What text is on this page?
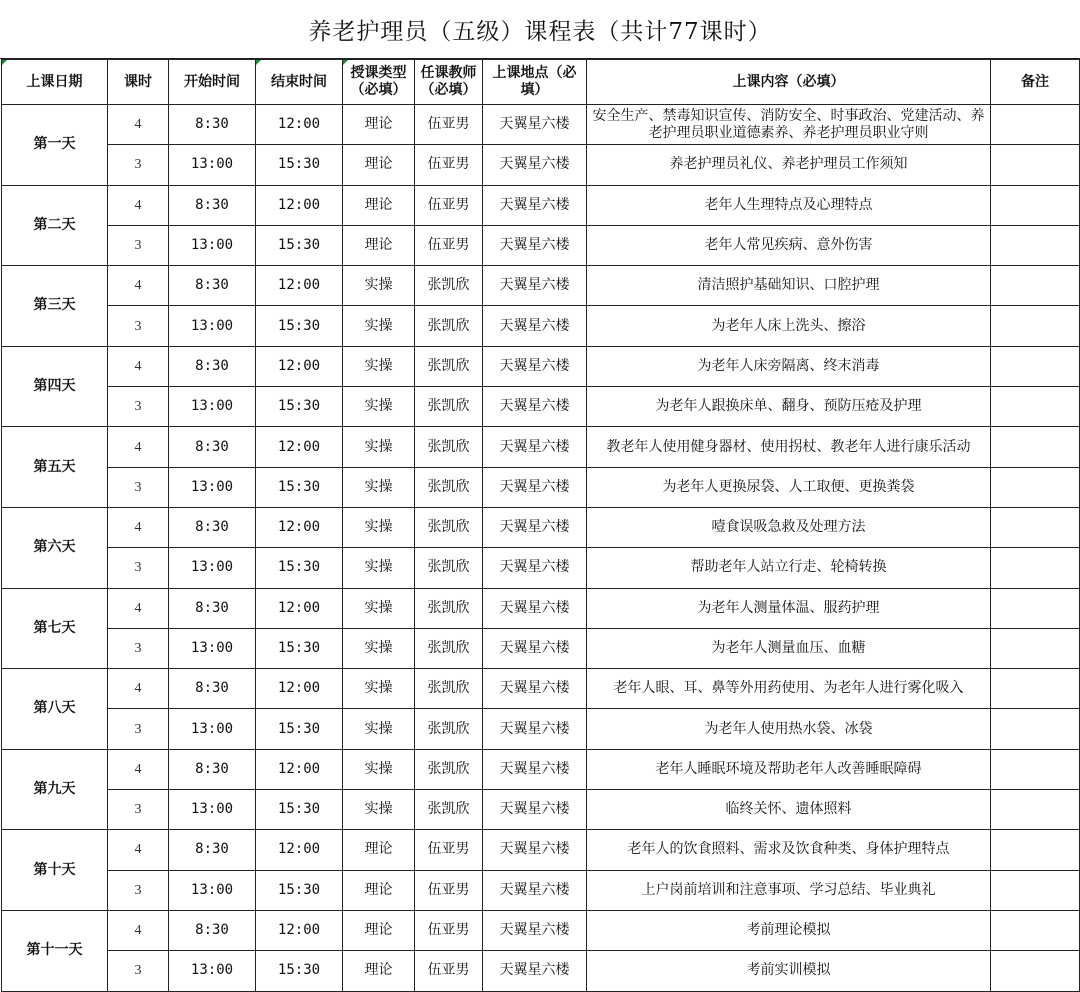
养老护理员（五级）课程表（共计77课时）
上课日期	课时	开始时间	结束时间	授课类型（必填）	任课教师（必填）	上课地点（必填）	上课内容（必填）	备注
第一天	4	8:30	12:00	理论	伍亚男	天翼星六楼	安全生产、禁毒知识宣传、消防安全、时事政治、党建活动、养老护理员职业道德素养、养老护理员职业守则	
	3	13:00	15:30	理论	伍亚男	天翼星六楼	养老护理员礼仪、养老护理员工作须知	
第二天	4	8:30	12:00	理论	伍亚男	天翼星六楼	老年人生理特点及心理特点	
	3	13:00	15:30	理论	伍亚男	天翼星六楼	老年人常见疾病、意外伤害	
第三天	4	8:30	12:00	实操	张凯欣	天翼星六楼	清洁照护基础知识、口腔护理	
	3	13:00	15:30	实操	张凯欣	天翼星六楼	为老年人床上洗头、擦浴	
第四天	4	8:30	12:00	实操	张凯欣	天翼星六楼	为老年人床旁隔离、终末消毒	
	3	13:00	15:30	实操	张凯欣	天翼星六楼	为老年人跟换床单、翻身、预防压疮及护理	
第五天	4	8:30	12:00	实操	张凯欣	天翼星六楼	教老年人使用健身器材、使用拐杖、教老年人进行康乐活动	
	3	13:00	15:30	实操	张凯欣	天翼星六楼	为老年人更换尿袋、人工取便、更换粪袋	
第六天	4	8:30	12:00	实操	张凯欣	天翼星六楼	噎食误吸急救及处理方法	
	3	13:00	15:30	实操	张凯欣	天翼星六楼	帮助老年人站立行走、轮椅转换	
第七天	4	8:30	12:00	实操	张凯欣	天翼星六楼	为老年人测量体温、服药护理	
	3	13:00	15:30	实操	张凯欣	天翼星六楼	为老年人测量血压、血糖	
第八天	4	8:30	12:00	实操	张凯欣	天翼星六楼	老年人眼、耳、鼻等外用药使用、为老年人进行雾化吸入	
	3	13:00	15:30	实操	张凯欣	天翼星六楼	为老年人使用热水袋、冰袋	
第九天	4	8:30	12:00	实操	张凯欣	天翼星六楼	老年人睡眠环境及帮助老年人改善睡眠障碍	
	3	13:00	15:30	实操	张凯欣	天翼星六楼	临终关怀、遗体照料	
第十天	4	8:30	12:00	理论	伍亚男	天翼星六楼	老年人的饮食照料、需求及饮食种类、身体护理特点	
	3	13:00	15:30	理论	伍亚男	天翼星六楼	上户岗前培训和注意事项、学习总结、毕业典礼	
第十一天	4	8:30	12:00	理论	伍亚男	天翼星六楼	考前理论模拟	
	3	13:00	15:30	理论	伍亚男	天翼星六楼	考前实训模拟	
